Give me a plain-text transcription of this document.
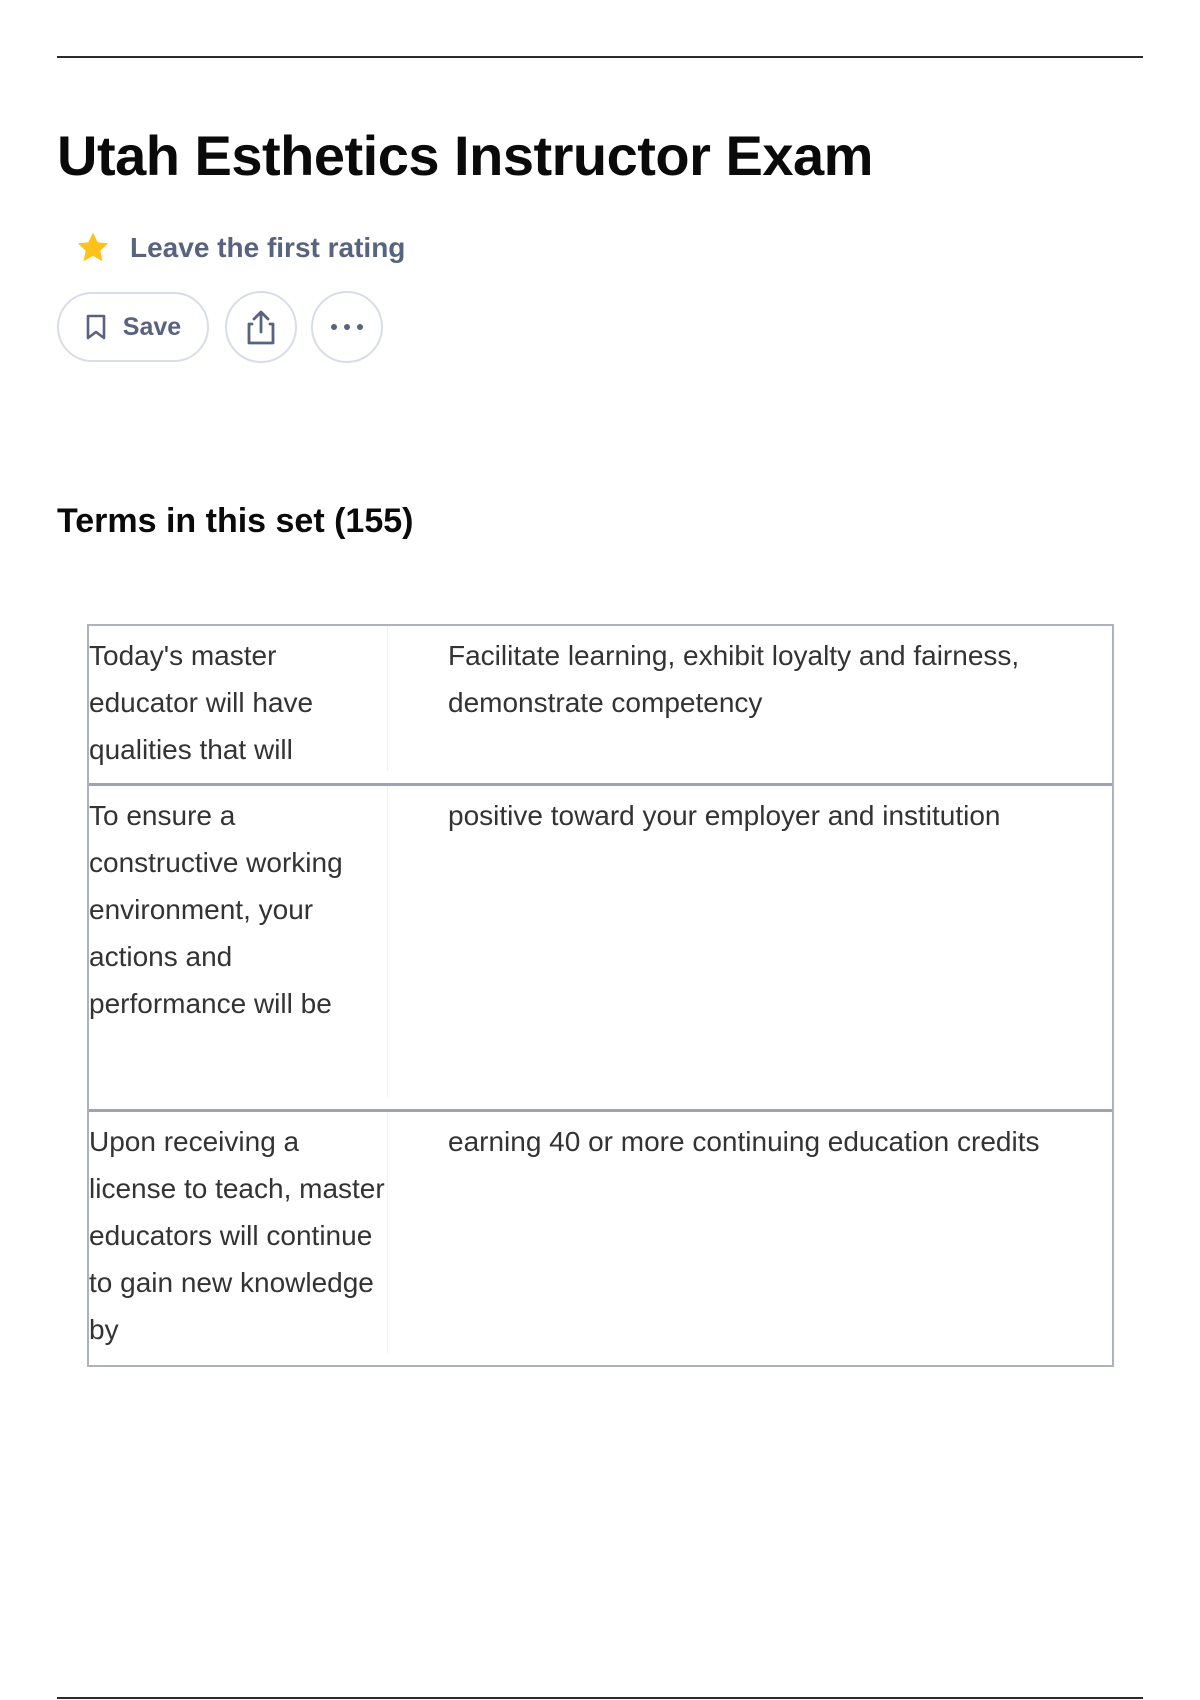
Utah Esthetics Instructor Exam
Leave the first rating
Save
Terms in this set (155)
Today's master educator will have qualities that will
Facilitate learning, exhibit loyalty and fairness, demonstrate competency
To ensure a constructive working environment, your actions and performance will be
positive toward your employer and institution
Upon receiving a license to teach, master educators will continue to gain new knowledge by
earning 40 or more continuing education credits
